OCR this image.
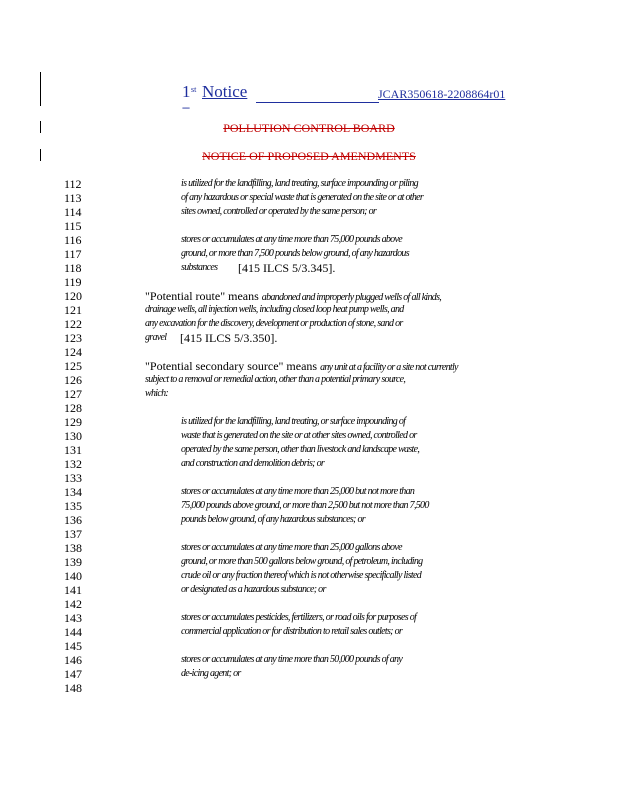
1 st
==
Notice	JCAR350618-2208864r01
POLLUTION CONTROL BOARD
NOTICE OF PROPOSED AMENDMENTS
112
113
114
115
116
117
118
119
120
121
122
123
124
125
126
127
128
129
130
131
132
133
134
135
136
137
138
139
140
141
142
143
144
145
146
147
148
is utilized for the landfilling, land treating, surface impounding or piling
of any hazardous or special waste that is generated on the site or at other
sites owned, controlled or operated by the same person; or
stores or accumulates at any time more than 75,000 pounds above
ground, or more than 7,500 pounds below ground, of any hazardous
substances [415 ILCS 5/3.345].
"Potential route" means abandoned and improperly plugged wells of all kinds,
drainage wells, all injection wells, including closed loop heat pump wells, and
any excavation for the discovery, development or production of stone, sand or
gravel [415 ILCS 5/3.350].
"Potential secondary source" means any unit at a facility or a site not currently
subject to a removal or remedial action, other than a potential primary source,
which:
is utilized for the landfilling, land treating, or surface impounding of
waste that is generated on the site or at other sites owned, controlled or
operated by the same person, other than livestock and landscape waste,
and construction and demolition debris; or
stores or accumulates at any time more than 25,000 but not more than
75,000 pounds above ground, or more than 2,500 but not more than 7,500
pounds below ground, of any hazardous substances; or
stores or accumulates at any time more than 25,000 gallons above
ground, or more than 500 gallons below ground, of petroleum, including
crude oil or any fraction thereof which is not otherwise specifically listed
or designated as a hazardous substance; or
stores or accumulates pesticides, fertilizers, or road oils for purposes of
commercial application or for distribution to retail sales outlets; or
stores or accumulates at any time more than 50,000 pounds of any
de-icing agent; or
